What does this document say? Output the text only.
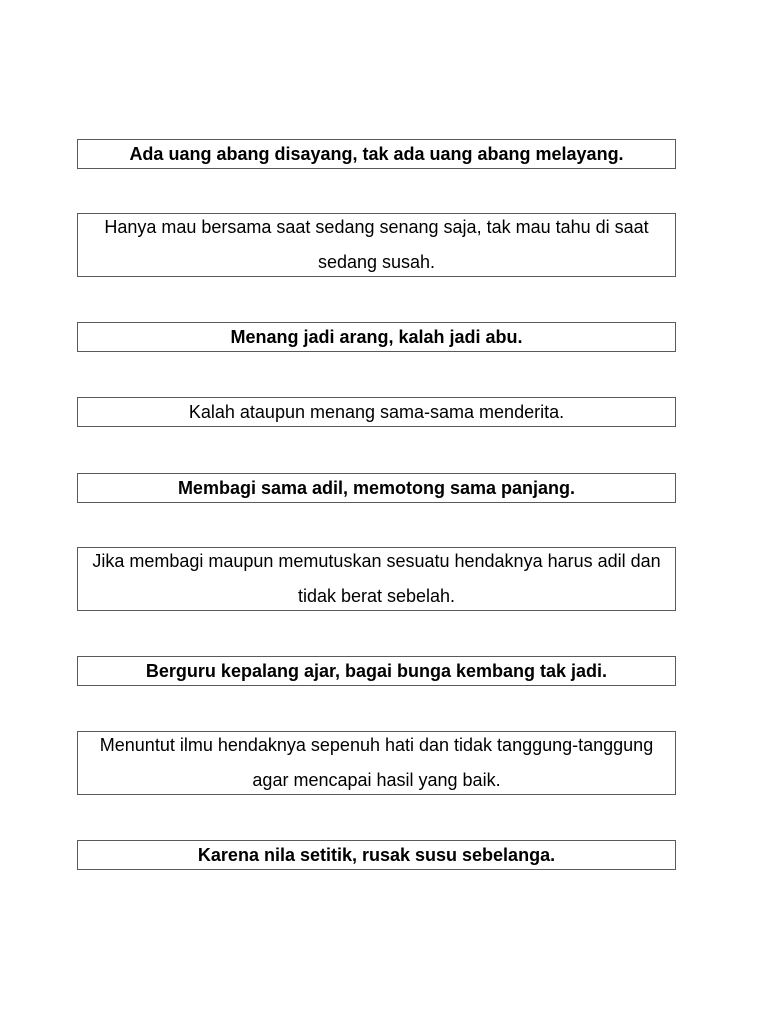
Ada uang abang disayang, tak ada uang abang melayang.
Hanya mau bersama saat sedang senang saja, tak mau tahu di saat sedang susah.
Menang jadi arang, kalah jadi abu.
Kalah ataupun menang sama-sama menderita.
Membagi sama adil, memotong sama panjang.
Jika membagi maupun memutuskan sesuatu hendaknya harus adil dan tidak berat sebelah.
Berguru kepalang ajar, bagai bunga kembang tak jadi.
Menuntut ilmu hendaknya sepenuh hati dan tidak tanggung-tanggung agar mencapai hasil yang baik.
Karena nila setitik, rusak susu sebelanga.
